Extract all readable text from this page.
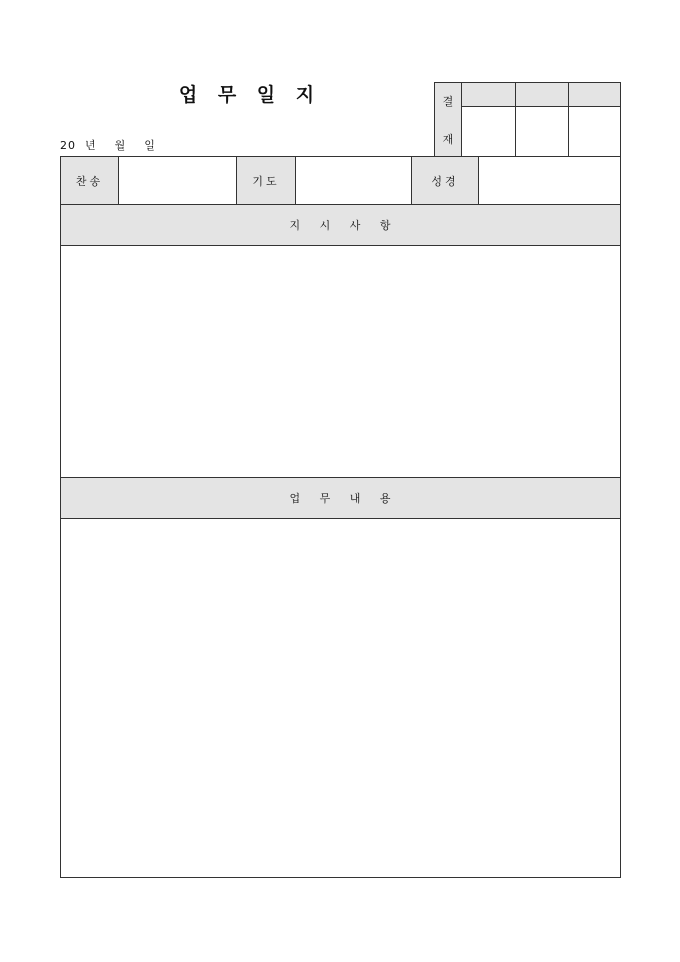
업 무 일 지
20  년    월    일
결
재
찬송	기도	성경
지 시 사 항
업 무 내 용
